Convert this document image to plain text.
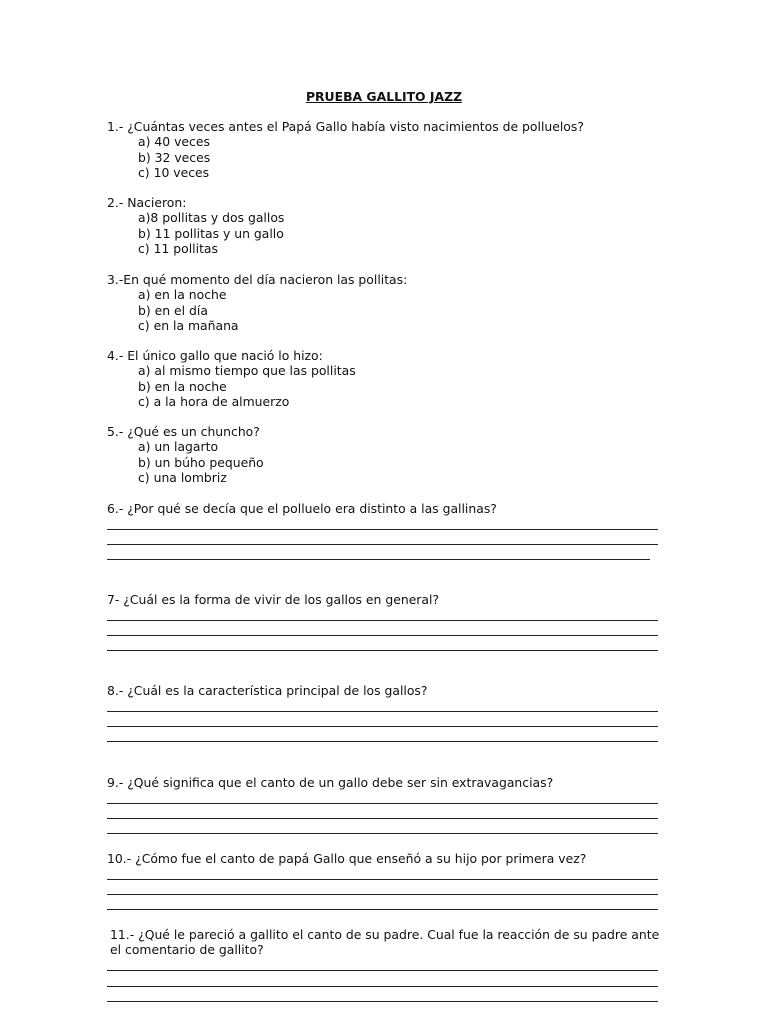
PRUEBA GALLITO JAZZ
1.- ¿Cuántas veces antes el Papá Gallo había visto nacimientos de polluelos?
a) 40 veces
b) 32 veces
c) 10 veces
2.- Nacieron:
a)8 pollitas y dos gallos
b) 11 pollitas y un gallo
c) 11 pollitas
3.-En qué momento del día nacieron las pollitas:
a) en la noche
b) en el día
c) en la mañana
4.- El único gallo que nació lo hizo:
a) al mismo tiempo que las pollitas
b) en la noche
c) a la hora de almuerzo
5.- ¿Qué es un chuncho?
a) un lagarto
b) un búho pequeño
c) una lombriz
6.- ¿Por qué se decía que el polluelo era distinto a las gallinas?
7- ¿Cuál es la forma de vivir de los gallos en general?
8.- ¿Cuál es la característica principal de los gallos?
9.- ¿Qué significa que el canto de un gallo debe ser sin extravagancias?
10.- ¿Cómo fue el canto de papá Gallo que enseñó a su hijo por primera vez?
11.- ¿Qué le pareció a gallito el canto de su padre. Cual fue la reacción de su padre ante el comentario de gallito?
